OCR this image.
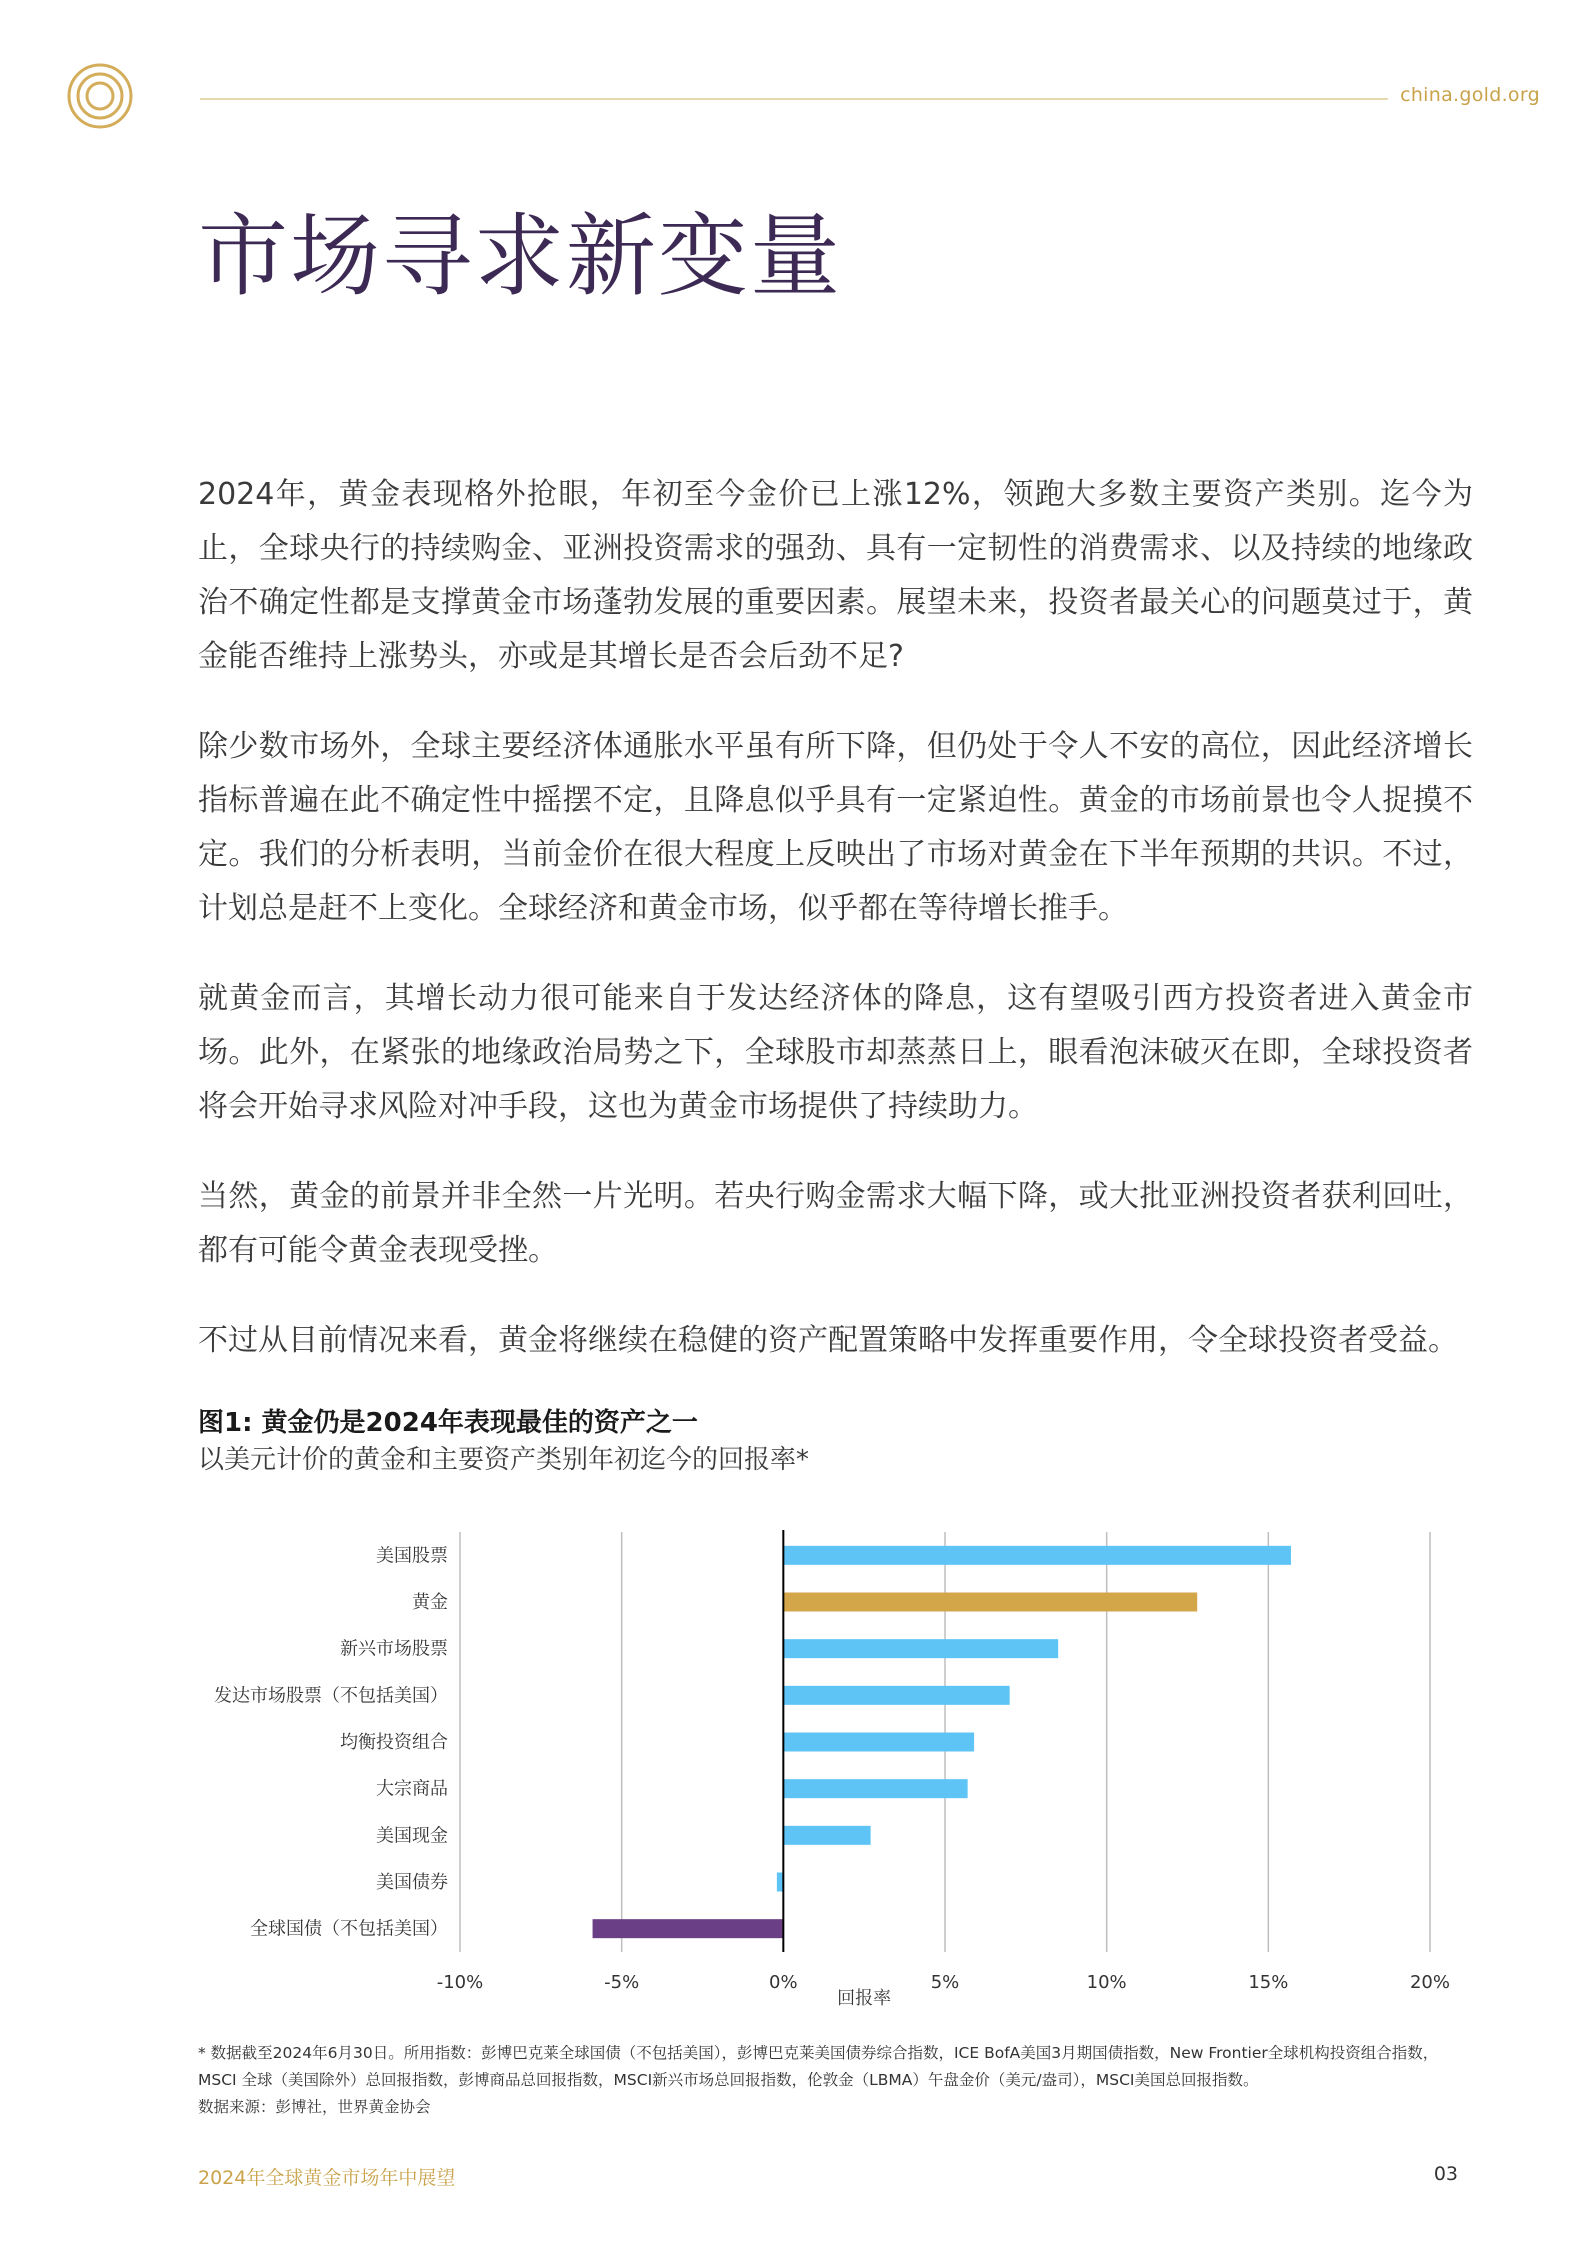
china.gold.org
市场寻求新变量

2024年，黄金表现格外抢眼，年初至今金价已上涨12%，领跑大多数主要资产类别。迄今为止，全球央行的持续购金、亚洲投资需求的强劲、具有一定韧性的消费需求、以及持续的地缘政治不确定性都是支撑黄金市场蓬勃发展的重要因素。展望未来，投资者最关心的问题莫过于，黄金能否维持上涨势头，亦或是其增长是否会后劲不足?

除少数市场外，全球主要经济体通胀水平虽有所下降，但仍处于令人不安的高位，因此经济增长指标普遍在此不确定性中摇摆不定，且降息似乎具有一定紧迫性。黄金的市场前景也令人捉摸不定。我们的分析表明，当前金价在很大程度上反映出了市场对黄金在下半年预期的共识。不过，计划总是赶不上变化。全球经济和黄金市场，似乎都在等待增长推手。

就黄金而言，其增长动力很可能来自于发达经济体的降息，这有望吸引西方投资者进入黄金市场。此外，在紧张的地缘政治局势之下，全球股市却蒸蒸日上，眼看泡沫破灭在即，全球投资者将会开始寻求风险对冲手段，这也为黄金市场提供了持续助力。

当然，黄金的前景并非全然一片光明。若央行购金需求大幅下降，或大批亚洲投资者获利回吐，都有可能令黄金表现受挫。

不过从目前情况来看，黄金将继续在稳健的资产配置策略中发挥重要作用，令全球投资者受益。

图1: 黄金仍是2024年表现最佳的资产之一
以美元计价的黄金和主要资产类别年初迄今的回报率*
美国股票
黄金
新兴市场股票
发达市场股票（不包括美国）
均衡投资组合
大宗商品
美国现金
美国债券
全球国债（不包括美国）
-10%	-5%	0%	5%	10%	15%	20%
回报率

* 数据截至2024年6月30日。所用指数：彭博巴克莱全球国债（不包括美国），彭博巴克莱美国债券综合指数，ICE BofA美国3月期国债指数，New Frontier全球机构投资组合指数，MSCI 全球（美国除外）总回报指数，彭博商品总回报指数，MSCI新兴市场总回报指数，伦敦金（LBMA）午盘金价（美元/盎司），MSCI美国总回报指数。

数据来源：彭博社，世界黄金协会

2024年全球黄金市场年中展望	03
